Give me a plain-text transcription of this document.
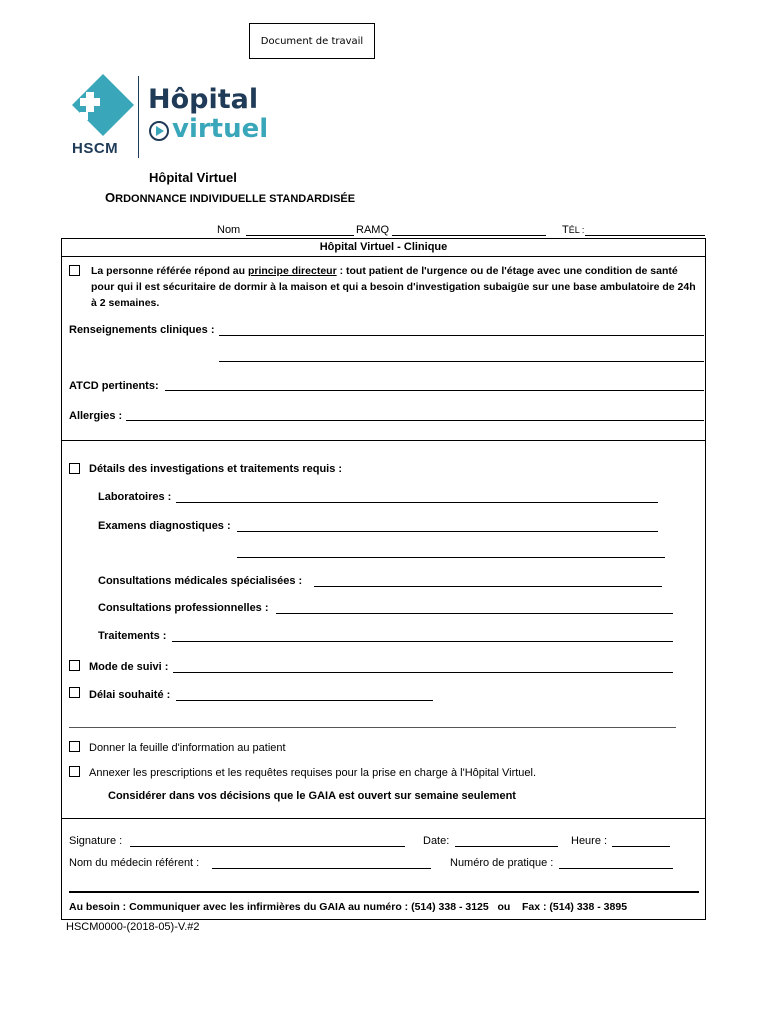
Document de travail
HSCM
Hôpital
virtuel
Hôpital Virtuel
ORDONNANCE INDIVIDUELLE STANDARDISÉE
Nom	RAMQ	TÉL :
Hôpital Virtuel - Clinique
La personne référée répond au principe directeur : tout patient de l'urgence ou de l'étage avec une condition de santé pour qui il est sécuritaire de dormir à la maison et qui a besoin d'investigation subaigüe sur une base ambulatoire de 24h à 2 semaines.
Renseignements cliniques :
ATCD pertinents:
Allergies :
Détails des investigations et traitements requis :
Laboratoires :
Examens diagnostiques :
Consultations médicales spécialisées :
Consultations professionnelles :
Traitements :
Mode de suivi :
Délai souhaité :
Donner la feuille d'information au patient
Annexer les prescriptions et les requêtes requises pour la prise en charge à l'Hôpital Virtuel.
Considérer dans vos décisions que le GAIA est ouvert sur semaine seulement
Signature :	Date:	Heure :
Nom du médecin référent :	Numéro de pratique :
Au besoin : Communiquer avec les infirmières du GAIA au numéro : (514) 338 - 3125   ou    Fax : (514) 338 - 3895
HSCM0000-(2018-05)-V.#2
